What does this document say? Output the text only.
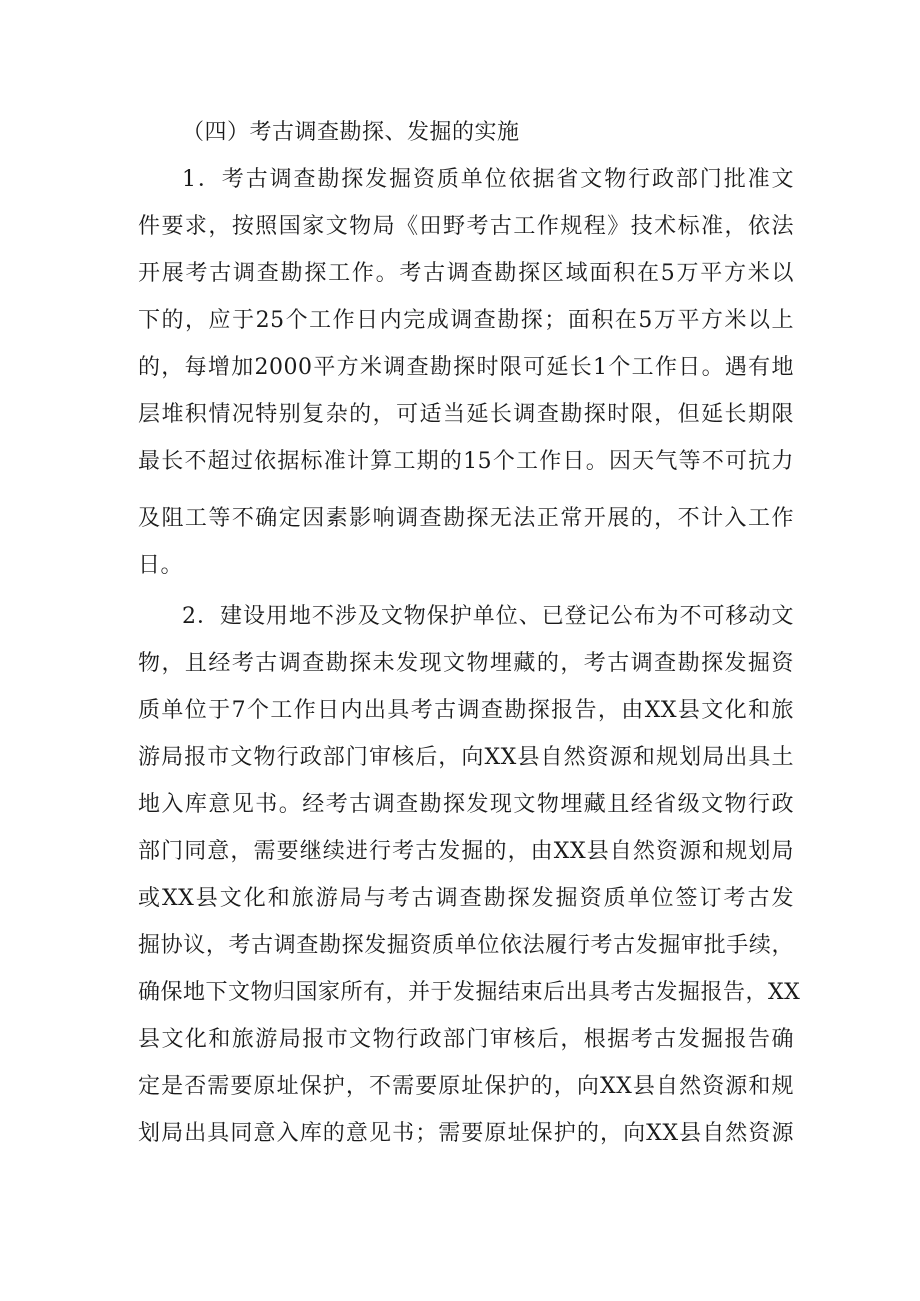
（四）考古调查勘探、发掘的实施
1．考古调查勘探发掘资质单位依据省文物行政部门批准文
件要求，按照国家文物局《田野考古工作规程》技术标准，依法
开展考古调查勘探工作。考古调查勘探区域面积在5万平方米以
下的，应于25个工作日内完成调查勘探；面积在5万平方米以上
的，每增加2000平方米调查勘探时限可延长1个工作日。遇有地
层堆积情况特别复杂的，可适当延长调查勘探时限，但延长期限
最长不超过依据标准计算工期的15个工作日。因天气等不可抗力
及阻工等不确定因素影响调查勘探无法正常开展的，不计入工作
日。
2．建设用地不涉及文物保护单位、已登记公布为不可移动文
物，且经考古调查勘探未发现文物埋藏的，考古调查勘探发掘资
质单位于7个工作日内出具考古调查勘探报告，由XX县文化和旅
游局报市文物行政部门审核后，向XX县自然资源和规划局出具土
地入库意见书。经考古调查勘探发现文物埋藏且经省级文物行政
部门同意，需要继续进行考古发掘的，由XX县自然资源和规划局
或XX县文化和旅游局与考古调查勘探发掘资质单位签订考古发
掘协议，考古调查勘探发掘资质单位依法履行考古发掘审批手续，
确保地下文物归国家所有，并于发掘结束后出具考古发掘报告，XX
县文化和旅游局报市文物行政部门审核后，根据考古发掘报告确
定是否需要原址保护，不需要原址保护的，向XX县自然资源和规
划局出具同意入库的意见书；需要原址保护的，向XX县自然资源
